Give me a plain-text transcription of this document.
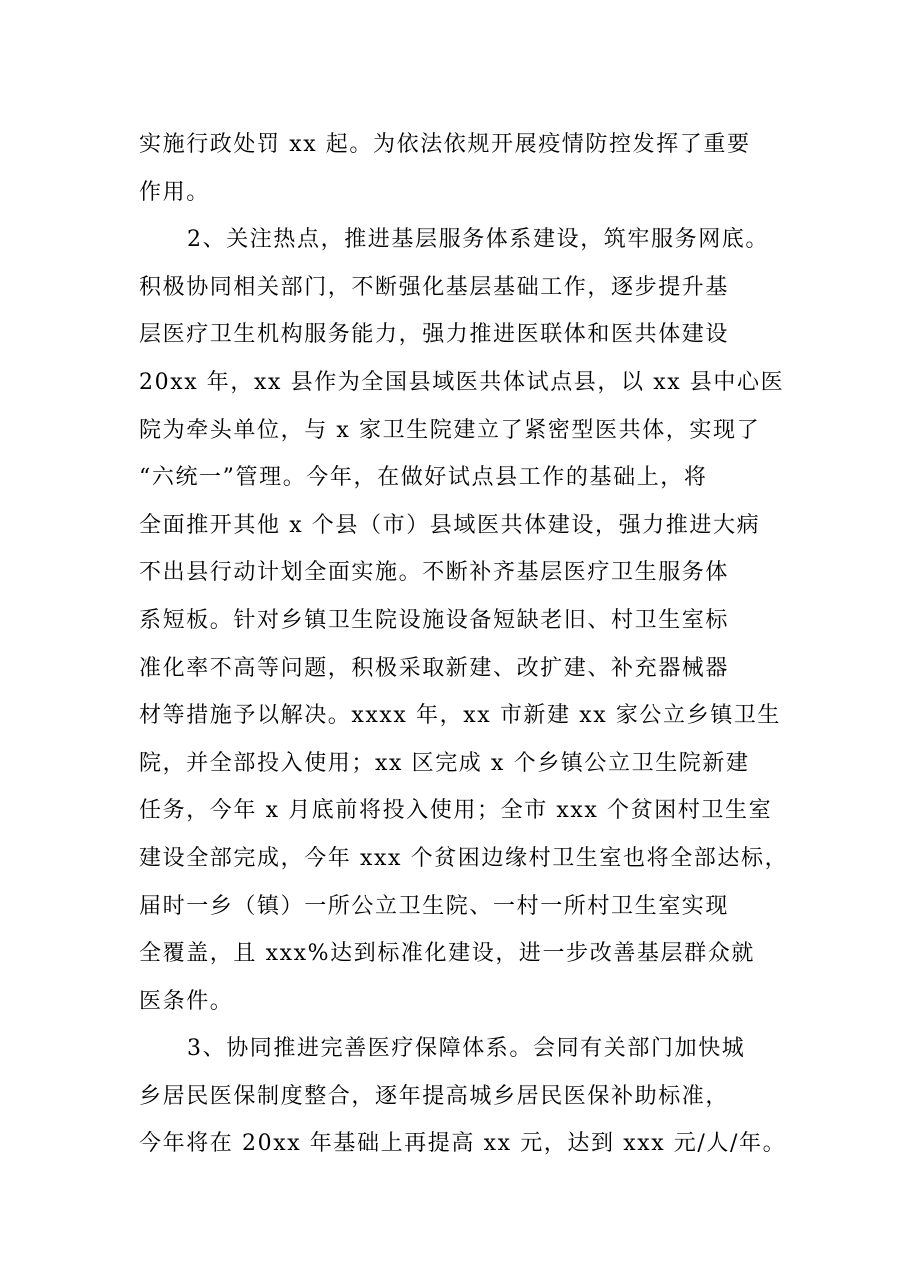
实施行政处罚 xx 起。为依法依规开展疫情防控发挥了重要
作用。
2、关注热点，推进基层服务体系建设，筑牢服务网底。
积极协同相关部门，不断强化基层基础工作，逐步提升基
层医疗卫生机构服务能力，强力推进医联体和医共体建设
20xx 年，xx 县作为全国县域医共体试点县，以 xx 县中心医
院为牵头单位，与 x 家卫生院建立了紧密型医共体，实现了
“六统一”管理。今年，在做好试点县工作的基础上，将
全面推开其他 x 个县（市）县域医共体建设，强力推进大病
不出县行动计划全面实施。不断补齐基层医疗卫生服务体
系短板。针对乡镇卫生院设施设备短缺老旧、村卫生室标
准化率不高等问题，积极采取新建、改扩建、补充器械器
材等措施予以解决。xxxx 年，xx 市新建 xx 家公立乡镇卫生
院，并全部投入使用；xx 区完成 x 个乡镇公立卫生院新建
任务，今年 x 月底前将投入使用；全市 xxx 个贫困村卫生室
建设全部完成，今年 xxx 个贫困边缘村卫生室也将全部达标，
届时一乡（镇）一所公立卫生院、一村一所村卫生室实现
全覆盖，且 xxx%达到标准化建设，进一步改善基层群众就
医条件。
3、协同推进完善医疗保障体系。会同有关部门加快城
乡居民医保制度整合，逐年提高城乡居民医保补助标准，
今年将在 20xx 年基础上再提高 xx 元，达到 xxx 元/人/年。
